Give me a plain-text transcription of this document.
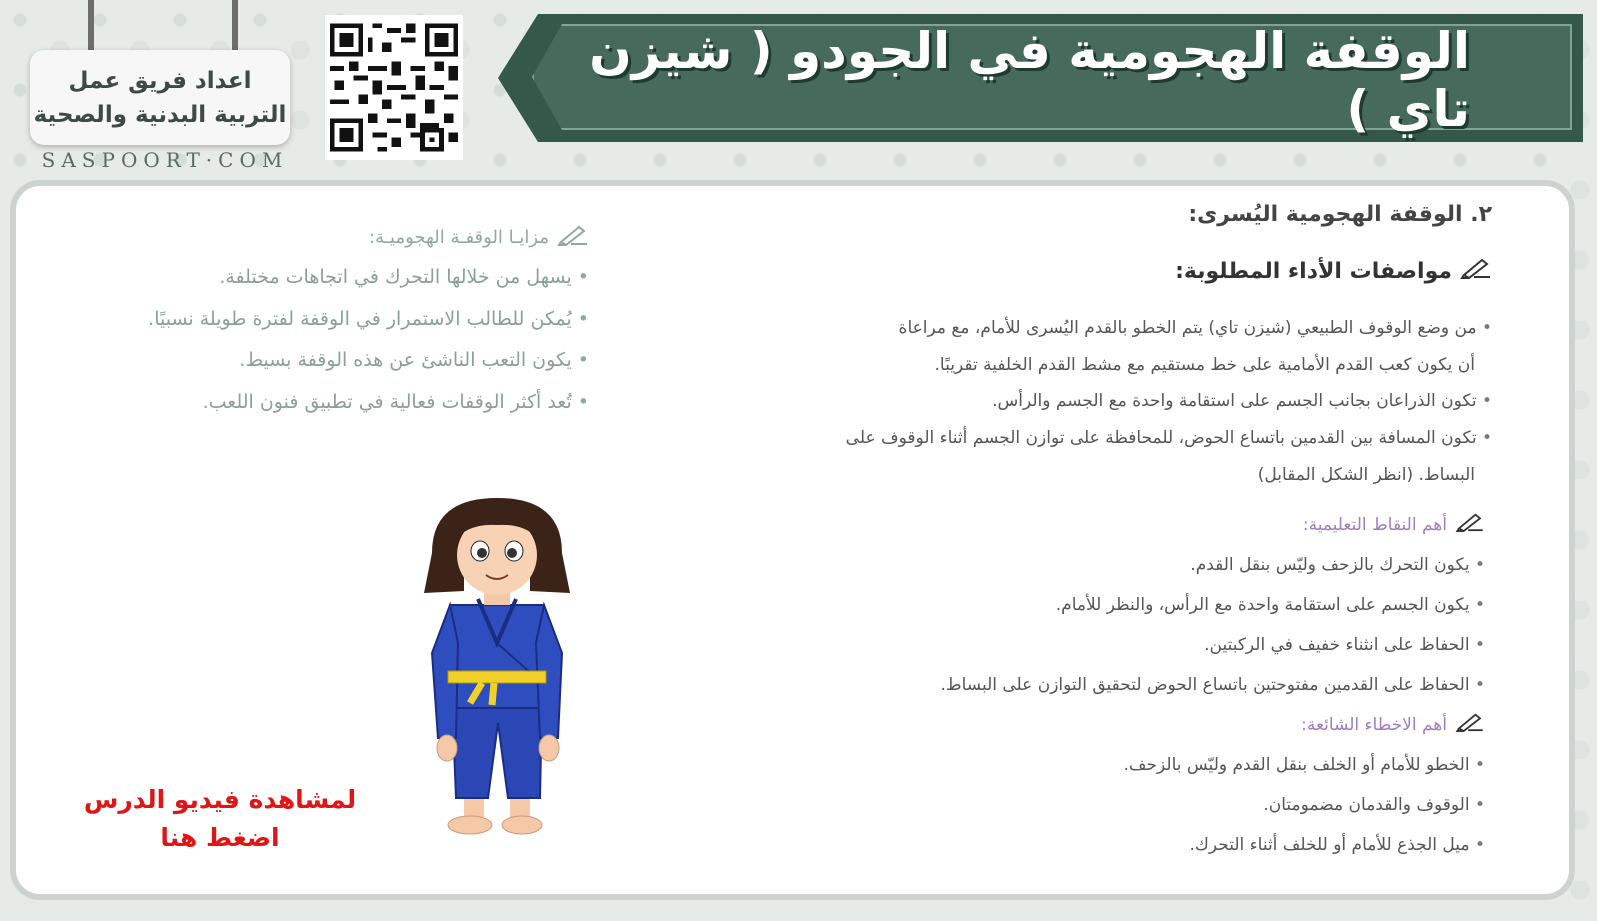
اعداد فريق عمل
التربية البدنية والصحية
SASPOORT·COM
الوقفة الهجومية في الجودو ( شيزن تاي )
٢. الوقفة الهجومية اليُسرى:
مواصفات الأداء المطلوبة:
• من وضع الوقوف الطبيعي (شيزن تاي) يتم الخطو بالقدم اليُسرى للأمام، مع مراعاة
أن يكون كعب القدم الأمامية على خط مستقيم مع مشط القدم الخلفية تقريبًا.
• تكون الذراعان بجانب الجسم على استقامة واحدة مع الجسم والرأس.
• تكون المسافة بين القدمين باتساع الحوض، للمحافظة على توازن الجسم أثناء الوقوف على
البساط. (انظر الشكل المقابل)
أهم النقاط التعليمية:
• يكون التحرك بالزحف وليّس بنقل القدم.
• يكون الجسم على استقامة واحدة مع الرأس، والنظر للأمام.
• الحفاظ على انثناء خفيف في الركبتين.
• الحفاظ على القدمين مفتوحتين باتساع الحوض لتحقيق التوازن على البساط.
أهم الاخطاء الشائعة:
• الخطو للأمام أو الخلف بنقل القدم وليّس بالزحف.
• الوقوف والقدمان مضمومتان.
• ميل الجذع للأمام أو للخلف أثناء التحرك.
مزايـا الوقفـة الهجوميـة:
• يسهل من خلالها التحرك في اتجاهات مختلفة.
• يُمكن للطالب الاستمرار في الوقفة لفترة طويلة نسبيًا.
• يكون التعب الناشئ عن هذه الوقفة بسيط.
• تُعد أكثر الوقفات فعالية في تطبيق فنون اللعب.
لمشاهدة فيديو الدرس
اضغط هنا
